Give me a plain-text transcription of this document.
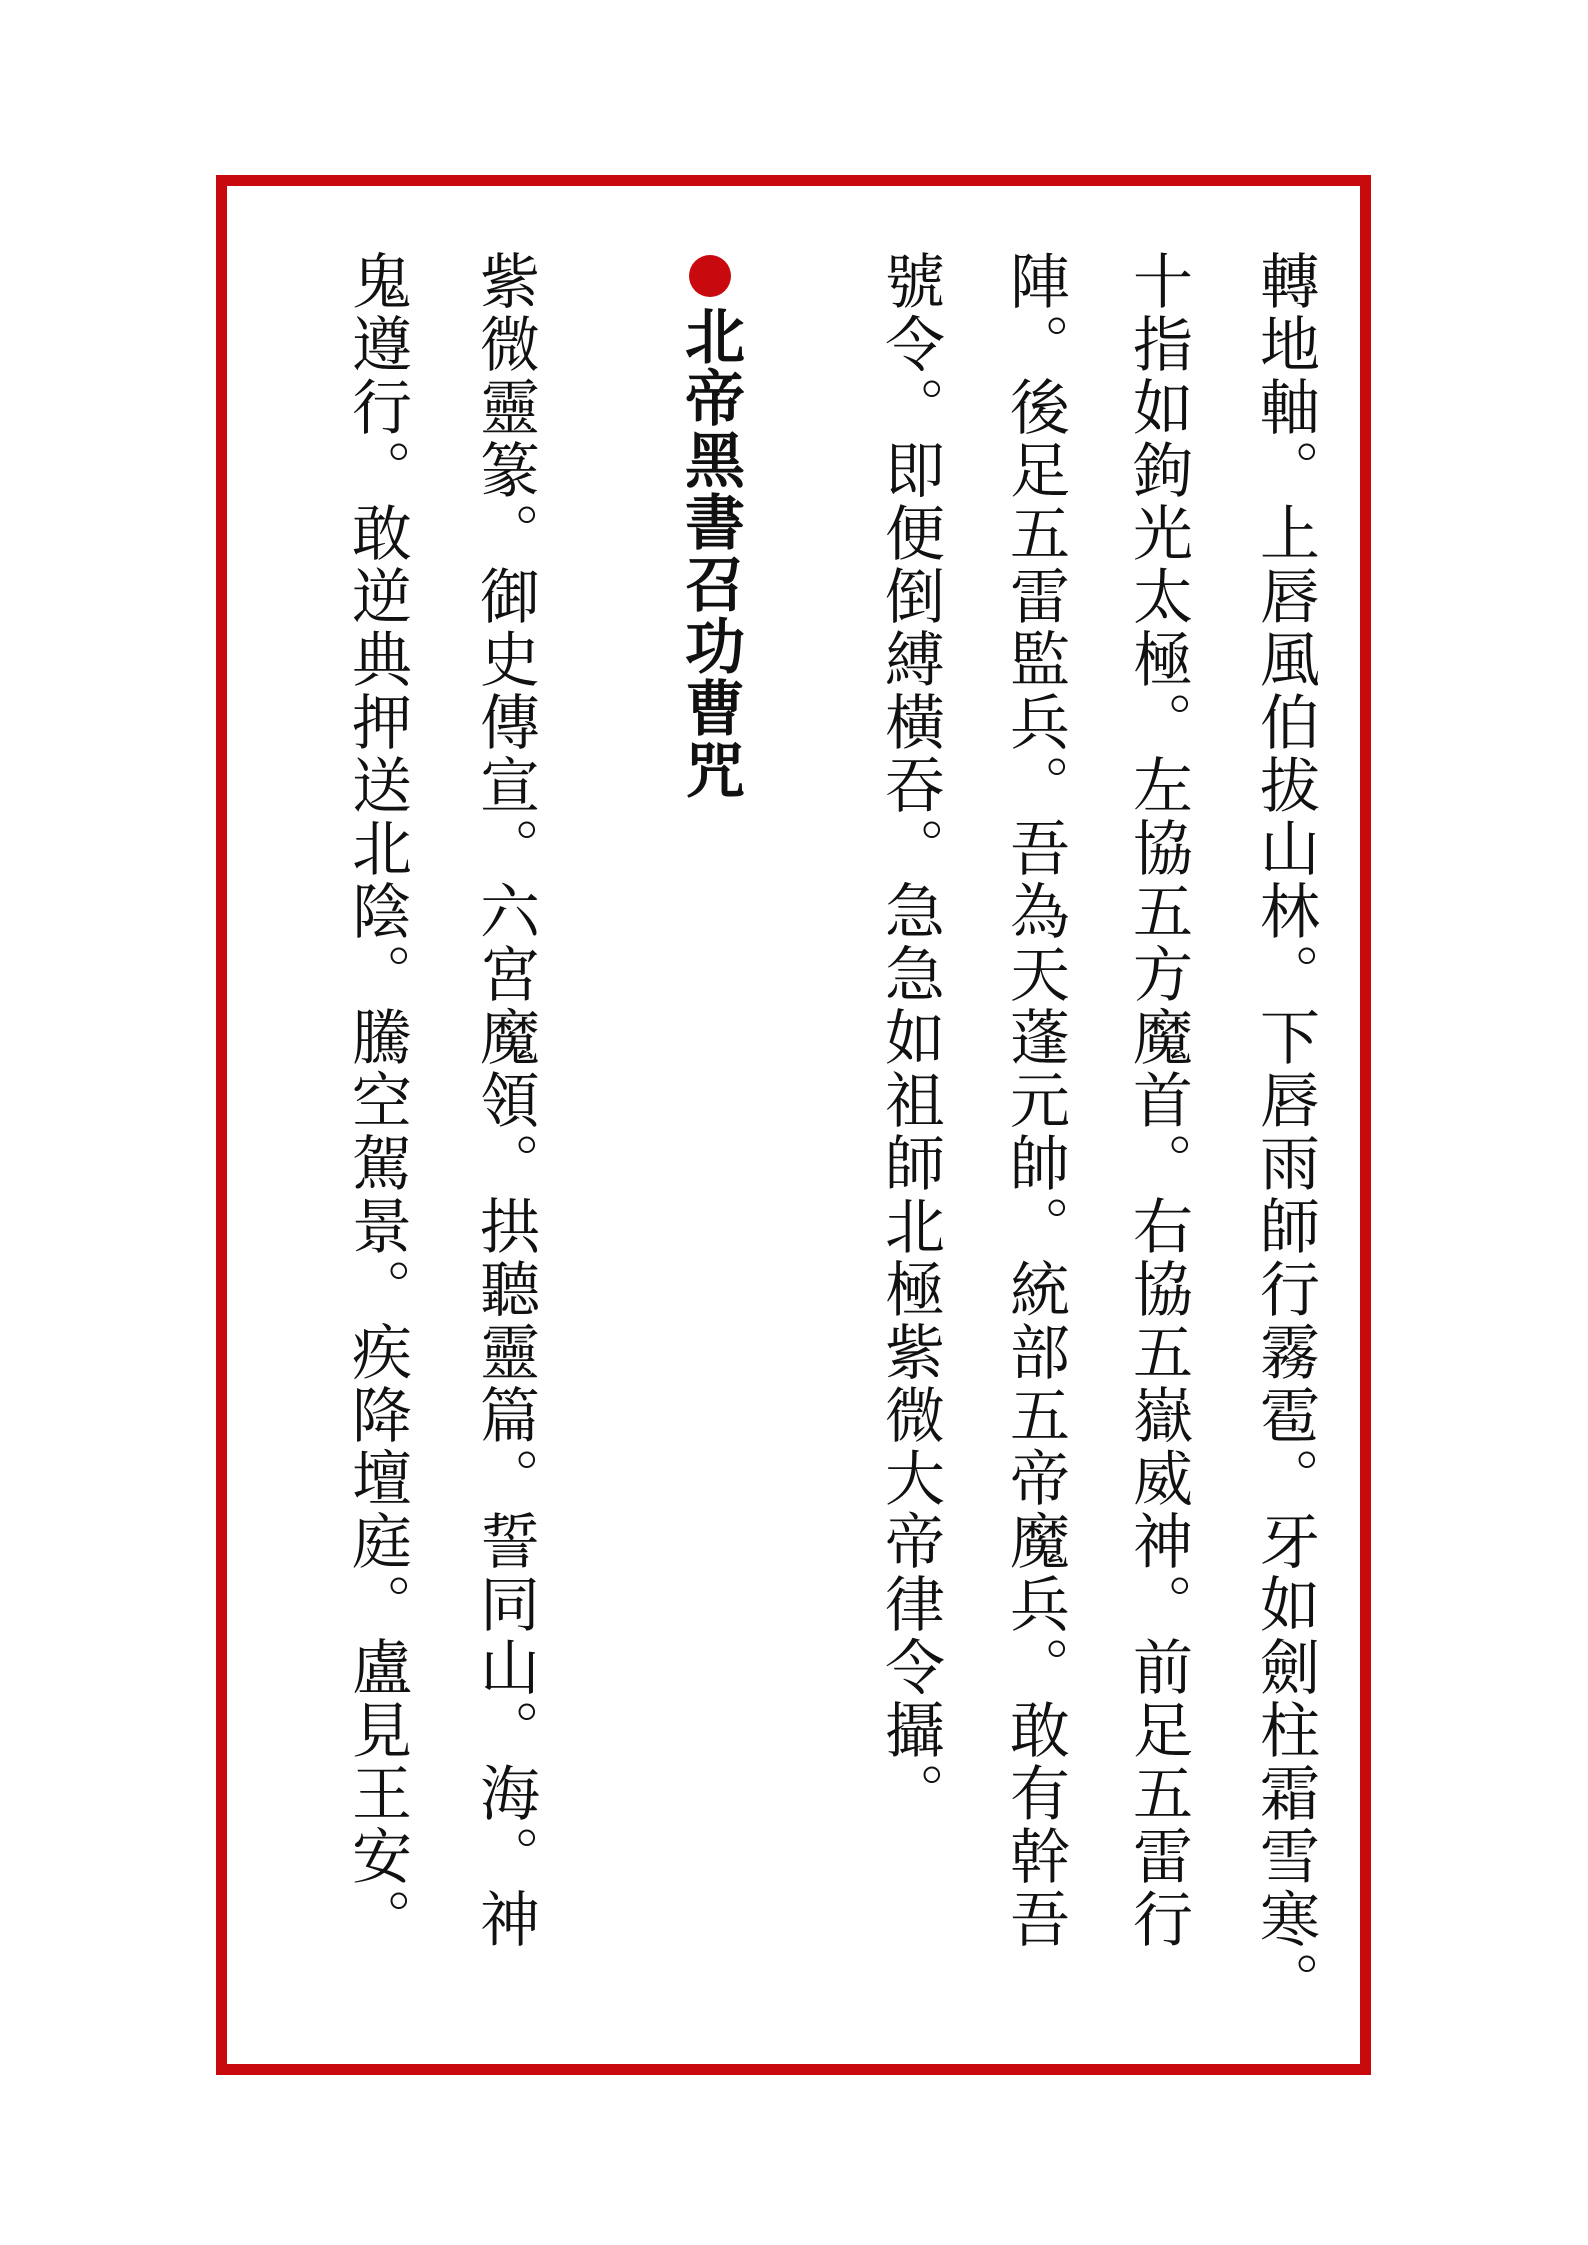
轉地軸。上唇風伯拔山林。下唇雨師行霧雹。牙如劍柱霜雪寒。
十指如鉤光太極。左協五方魔首。右協五嶽威神。前足五雷行
陣。後足五雷監兵。吾為天蓬元帥。統部五帝魔兵。敢有幹吾
號令。即便倒縛橫吞。急急如祖師北極紫微大帝律令攝。
北帝黑書召功曹咒
紫微靈篆。御史傳宣。六宮魔領。拱聽靈篇。誓同山。海。神
鬼遵行。敢逆典押送北陰。騰空駕景。疾降壇庭。盧見王安。
